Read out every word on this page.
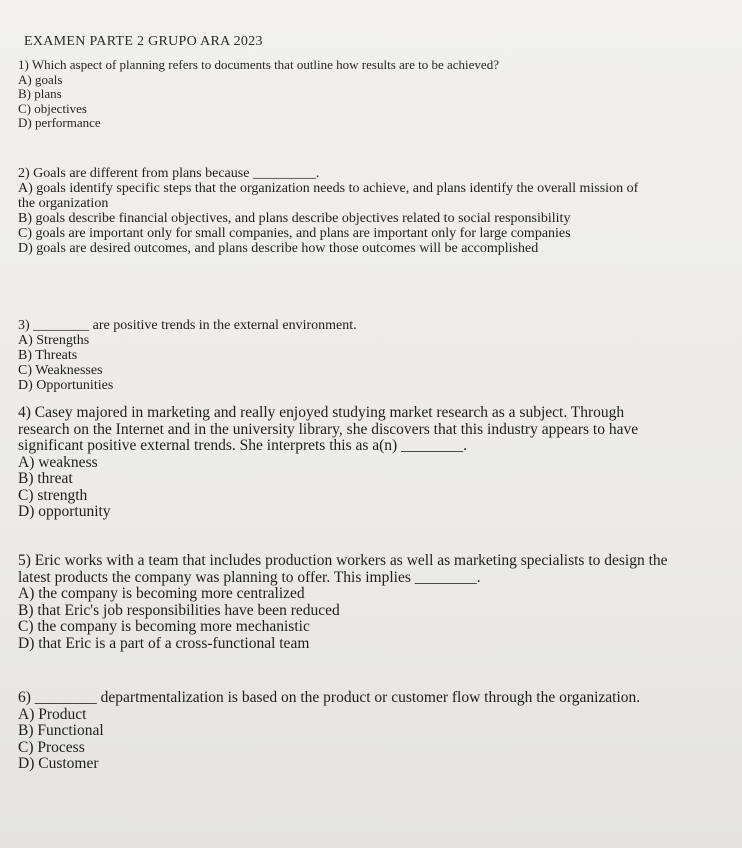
EXAMEN PARTE 2 GRUPO ARA 2023
1) Which aspect of planning refers to documents that outline how results are to be achieved?
A) goals
B) plans
C) objectives
D) performance
2) Goals are different from plans because _________.
A) goals identify specific steps that the organization needs to achieve, and plans identify the overall mission of the organization
B) goals describe financial objectives, and plans describe objectives related to social responsibility
C) goals are important only for small companies, and plans are important only for large companies
D) goals are desired outcomes, and plans describe how those outcomes will be accomplished
3) ________ are positive trends in the external environment.
A) Strengths
B) Threats
C) Weaknesses
D) Opportunities
4) Casey majored in marketing and really enjoyed studying market research as a subject. Through research on the Internet and in the university library, she discovers that this industry appears to have significant positive external trends. She interprets this as a(n) ________.
A) weakness
B) threat
C) strength
D) opportunity
5) Eric works with a team that includes production workers as well as marketing specialists to design the latest products the company was planning to offer. This implies ________.
A) the company is becoming more centralized
B) that Eric's job responsibilities have been reduced
C) the company is becoming more mechanistic
D) that Eric is a part of a cross-functional team
6) ________ departmentalization is based on the product or customer flow through the organization.
A) Product
B) Functional
C) Process
D) Customer
